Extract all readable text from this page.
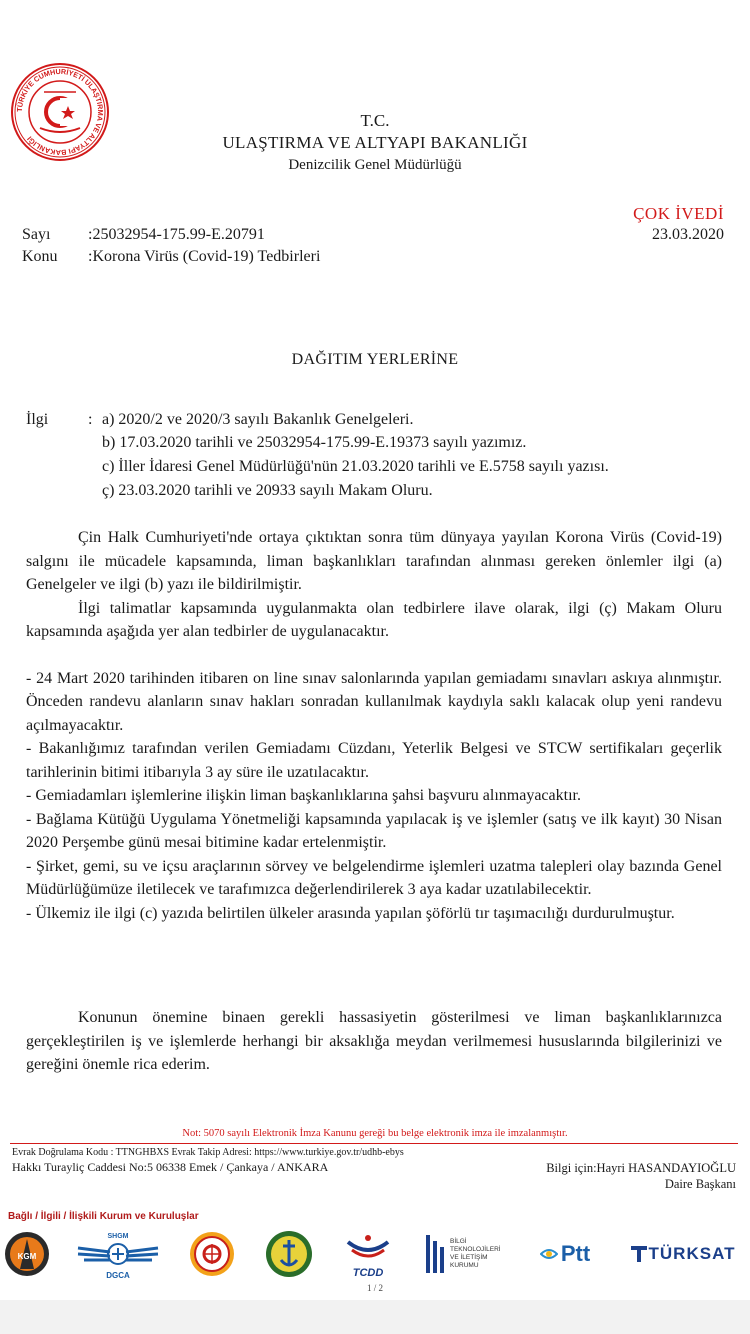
TÜRKİYE CUMHURİYETİ ULAŞTIRMA VE ALTYAPI BAKANLIĞI
T.C.
ULAŞTIRMA VE ALTYAPI BAKANLIĞI
Denizcilik Genel Müdürlüğü
ÇOK İVEDİ
23.03.2020
Sayı :25032954-175.99-E.20791
Konu :Korona Virüs (Covid-19) Tedbirleri
DAĞITIM YERLERİNE
İlgi : a) 2020/2 ve 2020/3 sayılı Bakanlık Genelgeleri.
b) 17.03.2020 tarihli ve 25032954-175.99-E.19373 sayılı yazımız.
c) İller İdaresi Genel Müdürlüğü'nün 21.03.2020 tarihli ve E.5758 sayılı yazısı.
ç) 23.03.2020 tarihli ve 20933 sayılı Makam Oluru.

Çin Halk Cumhuriyeti'nde ortaya çıktıktan sonra tüm dünyaya yayılan Korona Virüs (Covid-19) salgını ile mücadele kapsamında, liman başkanlıkları tarafından alınması gereken önlemler ilgi (a) Genelgeler ve ilgi (b) yazı ile bildirilmiştir.

İlgi talimatlar kapsamında uygulanmakta olan tedbirlere ilave olarak, ilgi (ç) Makam Oluru kapsamında aşağıda yer alan tedbirler de uygulanacaktır.

- 24 Mart 2020 tarihinden itibaren on line sınav salonlarında yapılan gemiadamı sınavları askıya alınmıştır. Önceden randevu alanların sınav hakları sonradan kullanılmak kaydıyla saklı kalacak olup yeni randevu açılmayacaktır.

- Bakanlığımız tarafından verilen Gemiadamı Cüzdanı, Yeterlik Belgesi ve STCW sertifikaları geçerlik tarihlerinin bitimi itibarıyla 3 ay süre ile uzatılacaktır.

- Gemiadamları işlemlerine ilişkin liman başkanlıklarına şahsi başvuru alınmayacaktır.

- Bağlama Kütüğü Uygulama Yönetmeliği kapsamında yapılacak iş ve işlemler (satış ve ilk kayıt) 30 Nisan 2020 Perşembe günü mesai bitimine kadar ertelenmiştir.

- Şirket, gemi, su ve içsu araçlarının sörvey ve belgelendirme işlemleri uzatma talepleri olay bazında Genel Müdürlüğümüze iletilecek ve tarafımızca değerlendirilerek 3 aya kadar uzatılabilecektir.

- Ülkemiz ile ilgi (c) yazıda belirtilen ülkeler arasında yapılan şöförlü tır taşımacılığı durdurulmuştur.

Konunun önemine binaen gerekli hassasiyetin gösterilmesi ve liman başkanlıklarınızca gerçekleştirilen iş ve işlemlerde herhangi bir aksaklığa meydan verilmemesi hususlarında bilgilerinizi ve gereğini önemle rica ederim.

Not: 5070 sayılı Elektronik İmza Kanunu gereği bu belge elektronik imza ile imzalanmıştır.
Evrak Doğrulama Kodu : TTNGHBXS Evrak Takip Adresi: https://www.turkiye.gov.tr/udhb-ebys
Hakkı Turayliç Caddesi No:5 06338 Emek / Çankaya / ANKARA	Bilgi için:Hayri HASANDAYIOĞLU
Daire Başkanı
Bağlı / İlgili / İlişkili Kurum ve Kuruluşlar
KGM
SHGM
DGCA	TCDD
BİLGİ
TEKNOLOJİLERİ
VE İLETİŞİM
KURUMU	Ptt	TÜRKSAT
1 / 2
